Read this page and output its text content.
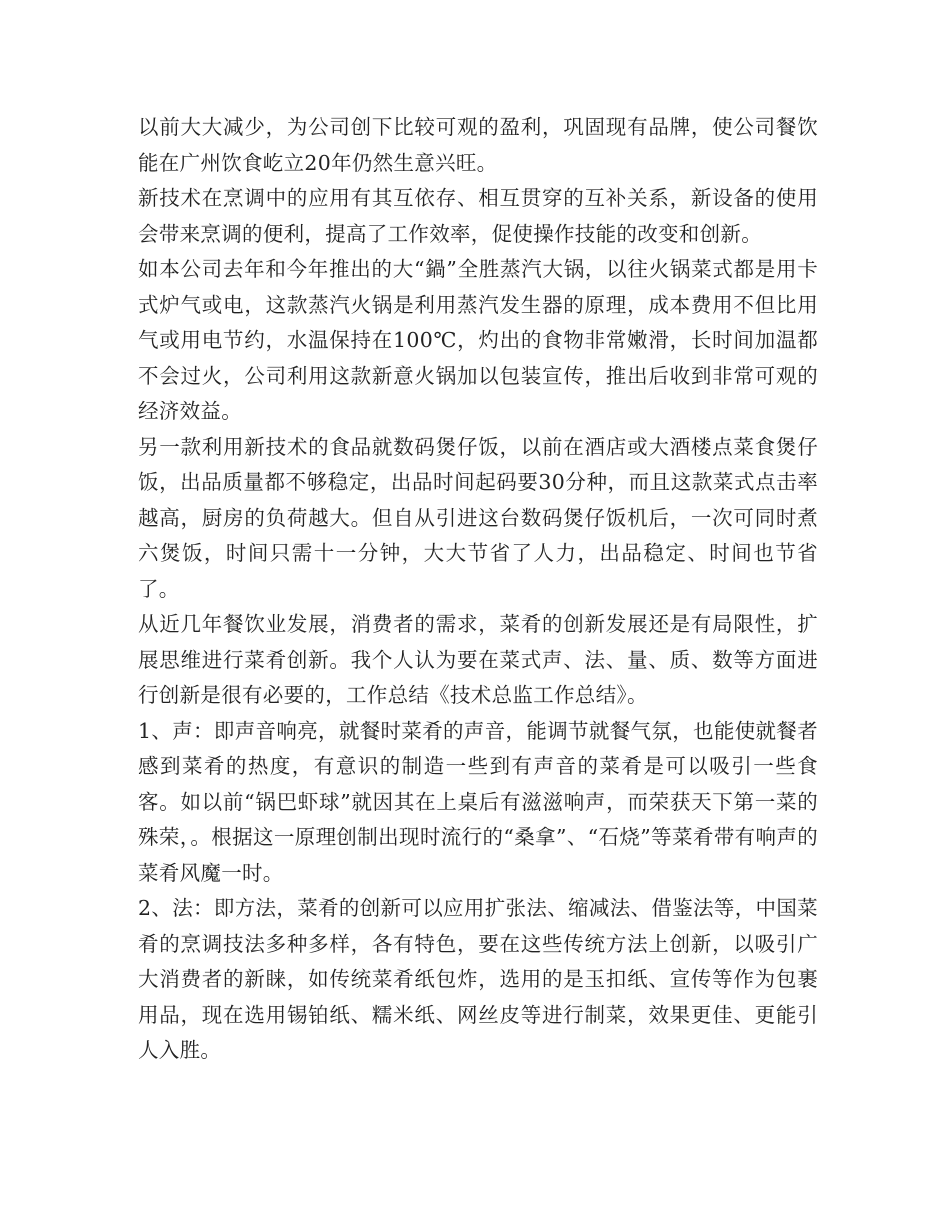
以前大大减少，为公司创下比较可观的盈利，巩固现有品牌，使公司餐饮能在广州饮食屹立20年仍然生意兴旺。

新技术在烹调中的应用有其互依存、相互贯穿的互补关系，新设备的使用会带来烹调的便利，提高了工作效率，促使操作技能的改变和创新。

如本公司去年和今年推出的大“鍋”全胜蒸汽大锅，以往火锅菜式都是用卡式炉气或电，这款蒸汽火锅是利用蒸汽发生器的原理，成本费用不但比用气或用电节约，水温保持在100℃，灼出的食物非常嫩滑，长时间加温都不会过火，公司利用这款新意火锅加以包装宣传，推出后收到非常可观的经济效益。

另一款利用新技术的食品就数码煲仔饭，以前在酒店或大酒楼点菜食煲仔饭，出品质量都不够稳定，出品时间起码要30分种，而且这款菜式点击率越高，厨房的负荷越大。但自从引进这台数码煲仔饭机后，一次可同时煮六煲饭，时间只需十一分钟，大大节省了人力，出品稳定、时间也节省了。

从近几年餐饮业发展，消费者的需求，菜肴的创新发展还是有局限性，扩展思维进行菜肴创新。我个人认为要在菜式声、法、量、质、数等方面进行创新是很有必要的，工作总结《技术总监工作总结》。

1、声：即声音响亮，就餐时菜肴的声音，能调节就餐气氛，也能使就餐者感到菜肴的热度，有意识的制造一些到有声音的菜肴是可以吸引一些食客。如以前“锅巴虾球”就因其在上桌后有滋滋响声，而荣获天下第一菜的殊荣，。根据这一原理创制出现时流行的“桑拿”、“石烧”等菜肴带有响声的菜肴风魔一时。

2、法：即方法，菜肴的创新可以应用扩张法、缩减法、借鉴法等，中国菜肴的烹调技法多种多样，各有特色，要在这些传统方法上创新，以吸引广大消费者的新睐，如传统菜肴纸包炸，选用的是玉扣纸、宣传等作为包裹用品，现在选用锡铂纸、糯米纸、网丝皮等进行制菜，效果更佳、更能引人入胜。
